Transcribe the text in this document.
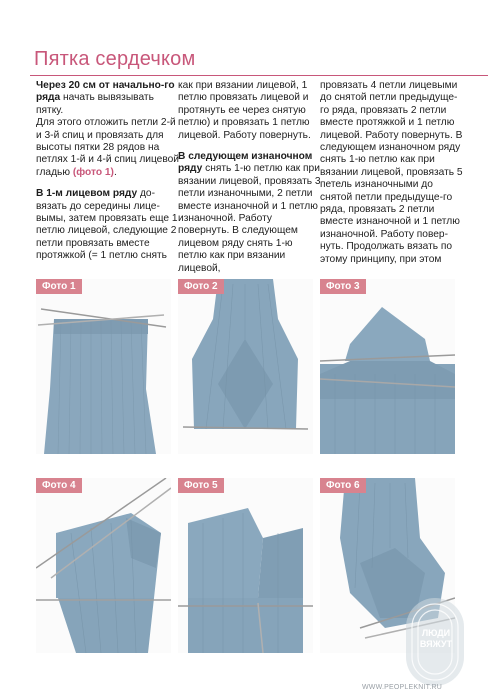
Пятка сердечком

Через 20 см от начально-го ряда начать вывязывать пятку.

Для этого отложить петли 2-й и 3-й спиц и провязать для высоты пятки 28 рядов на петлях 1-й и 4-й спиц лицевой гладью (фото 1).

В 1-м лицевом ряду до-вязать до середины лице-вымы, затем провязать еще 1 петлю лицевой, следующие 2 петли провязать вместе протяжкой (= 1 петлю снять

как при вязании лицевой, 1 петлю провязать лицевой и протянуть ее через снятую петлю) и провязать 1 петлю лицевой. Работу повернуть.

В следующем изнаночном ряду снять 1-ю петлю как при вязании лицевой, провязать 3 петли изнаночными, 2 петли вместе изнаночной и 1 петлю изнаночной. Работу повернуть. В следующем лицевом ряду снять 1-ю петлю как при вязании лицевой,

провязать 4 петли лицевыми до снятой петли предыдуще-го ряда, провязать 2 петли вместе протяжкой и 1 петлю лицевой. Работу повернуть. В следующем изнаночном ряду снять 1-ю петлю как при вязании лицевой, провязать 5 петель изнаночными до снятой петли предыдуще-го ряда, провязать 2 петли вместе изнаночной и 1 петлю изнаночной. Работу повер-нуть. Продолжать вязать по этому принципу, при этом

Фото 1	Фото 2	Фото 3
Фото 4	Фото 5	Фото 6
ЛЮДИ
ВЯЖУТ
WWW.PEOPLEKNIT.RU
